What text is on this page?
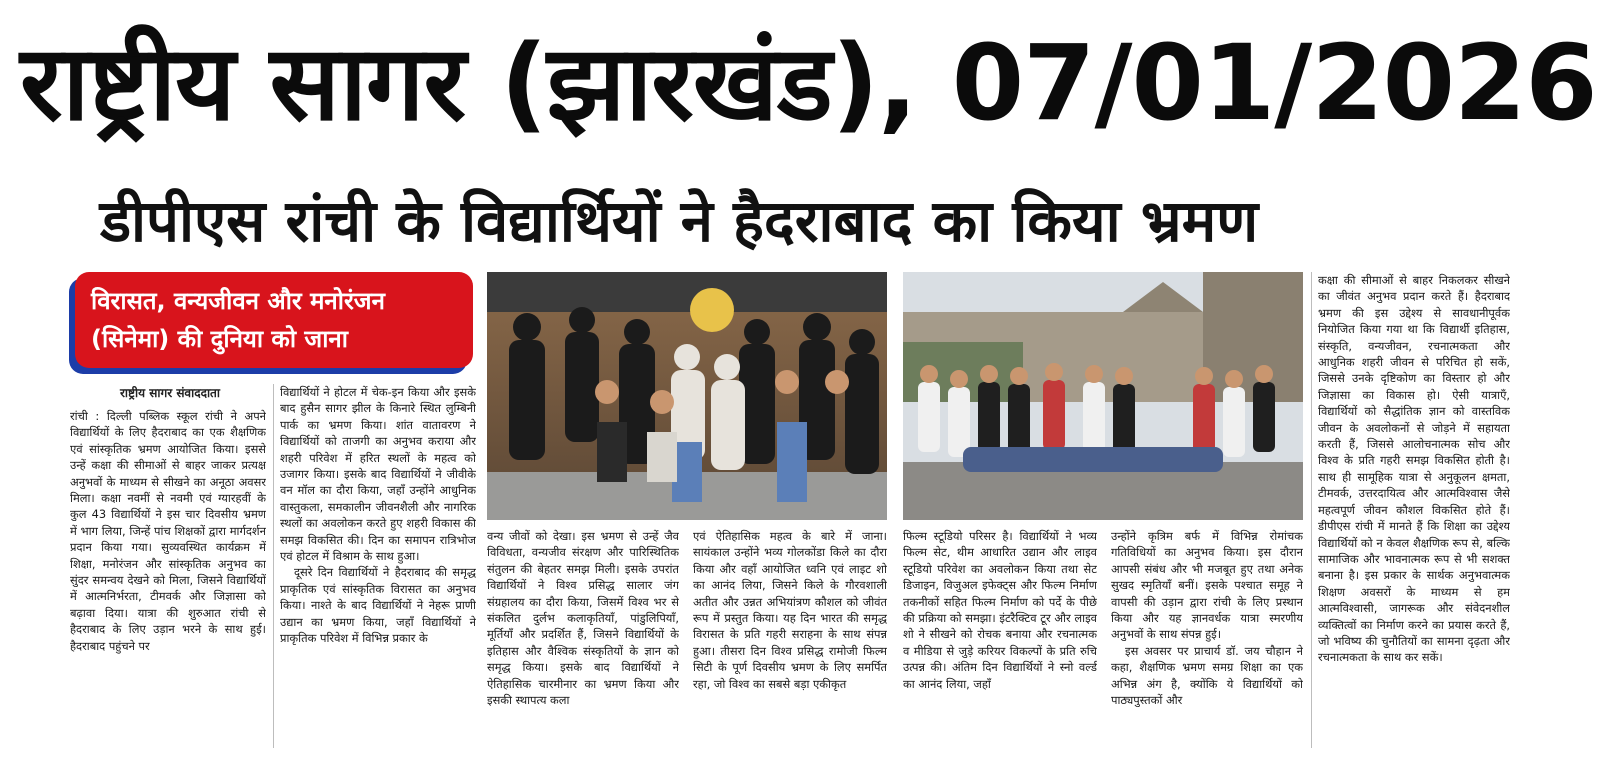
राष्ट्रीय सागर (झारखंड), 07/01/2026
डीपीएस रांची के विद्यार्थियों ने हैदराबाद का किया भ्रमण
विरासत, वन्यजीवन और मनोरंजन
(सिनेमा) की दुनिया को जाना
राष्ट्रीय सागर संवाददाता

रांची : दिल्ली पब्लिक स्कूल रांची ने अपने विद्यार्थियों के लिए हैदराबाद का एक शैक्षणिक एवं सांस्कृतिक भ्रमण आयोजित किया। इससे उन्हें कक्षा की सीमाओं से बाहर जाकर प्रत्यक्ष अनुभवों के माध्यम से सीखने का अनूठा अवसर मिला। कक्षा नवमीं से नवमी एवं ग्यारहवीं के कुल 43 विद्यार्थियों ने इस चार दिवसीय भ्रमण में भाग लिया, जिन्हें पांच शिक्षकों द्वारा मार्गदर्शन प्रदान किया गया। सुव्यवस्थित कार्यक्रम में शिक्षा, मनोरंजन और सांस्कृतिक अनुभव का सुंदर समन्वय देखने को मिला, जिसने विद्यार्थियों में आत्मनिर्भरता, टीमवर्क और जिज्ञासा को बढ़ावा दिया। यात्रा की शुरुआत रांची से हैदराबाद के लिए उड़ान भरने के साथ हुई। हैदराबाद पहुंचने पर

विद्यार्थियों ने होटल में चेक-इन किया और इसके बाद हुसैन सागर झील के किनारे स्थित लुम्बिनी पार्क का भ्रमण किया। शांत वातावरण ने विद्यार्थियों को ताजगी का अनुभव कराया और शहरी परिवेश में हरित स्थलों के महत्व को उजागर किया। इसके बाद विद्यार्थियों ने जीवीके वन मॉल का दौरा किया, जहाँ उन्होंने आधुनिक वास्तुकला, समकालीन जीवनशैली और नागरिक स्थलों का अवलोकन करते हुए शहरी विकास की समझ विकसित की। दिन का समापन रात्रिभोज एवं होटल में विश्राम के साथ हुआ।

दूसरे दिन विद्यार्थियों ने हैदराबाद की समृद्ध प्राकृतिक एवं सांस्कृतिक विरासत का अनुभव किया। नाश्ते के बाद विद्यार्थियों ने नेहरू प्राणी उद्यान का भ्रमण किया, जहाँ विद्यार्थियों ने प्राकृतिक परिवेश में विभिन्न प्रकार के

वन्य जीवों को देखा। इस भ्रमण से उन्हें जैव विविधता, वन्यजीव संरक्षण और पारिस्थितिक संतुलन की बेहतर समझ मिली। इसके उपरांत विद्यार्थियों ने विश्व प्रसिद्ध सालार जंग संग्रहालय का दौरा किया, जिसमें विश्व भर से संकलित दुर्लभ कलाकृतियाँ, पांडुलिपियाँ, मूर्तियाँ और प्रदर्शित हैं, जिसने विद्यार्थियों के इतिहास और वैश्विक संस्कृतियों के ज्ञान को समृद्ध किया। इसके बाद विद्यार्थियों ने ऐतिहासिक चारमीनार का भ्रमण किया और इसकी स्थापत्य कला

एवं ऐतिहासिक महत्व के बारे में जाना। सायंकाल उन्होंने भव्य गोलकोंडा किले का दौरा किया और वहाँ आयोजित ध्वनि एवं लाइट शो का आनंद लिया, जिसने किले के गौरवशाली अतीत और उन्नत अभियांत्रण कौशल को जीवंत रूप में प्रस्तुत किया। यह दिन भारत की समृद्ध विरासत के प्रति गहरी सराहना के साथ संपन्न हुआ। तीसरा दिन विश्व प्रसिद्ध रामोजी फिल्म सिटी के पूर्ण दिवसीय भ्रमण के लिए समर्पित रहा, जो विश्व का सबसे बड़ा एकीकृत

फिल्म स्टूडियो परिसर है। विद्यार्थियों ने भव्य फिल्म सेट, थीम आधारित उद्यान और लाइव स्टूडियो परिवेश का अवलोकन किया तथा सेट डिजाइन, विजुअल इफेक्ट्स और फिल्म निर्माण तकनीकों सहित फिल्म निर्माण को पर्दे के पीछे की प्रक्रिया को समझा। इंटरैक्टिव टूर और लाइव शो ने सीखने को रोचक बनाया और रचनात्मक व मीडिया से जुड़े करियर विकल्पों के प्रति रुचि उत्पन्न की। अंतिम दिन विद्यार्थियों ने स्नो वर्ल्ड का आनंद लिया, जहाँ

उन्होंने कृत्रिम बर्फ में विभिन्न रोमांचक गतिविधियों का अनुभव किया। इस दौरान आपसी संबंध और भी मजबूत हुए तथा अनेक सुखद स्मृतियाँ बनीं। इसके पश्चात समूह ने वापसी की उड़ान द्वारा रांची के लिए प्रस्थान किया और यह ज्ञानवर्धक यात्रा स्मरणीय अनुभवों के साथ संपन्न हुई।

इस अवसर पर प्राचार्य डॉ. जय चौहान ने कहा, शैक्षणिक भ्रमण समग्र शिक्षा का एक अभिन्न अंग है, क्योंकि ये विद्यार्थियों को पाठ्यपुस्तकों और

कक्षा की सीमाओं से बाहर निकलकर सीखने का जीवंत अनुभव प्रदान करते हैं। हैदराबाद भ्रमण की इस उद्देश्य से सावधानीपूर्वक नियोजित किया गया था कि विद्यार्थी इतिहास, संस्कृति, वन्यजीवन, रचनात्मकता और आधुनिक शहरी जीवन से परिचित हो सकें, जिससे उनके दृष्टिकोण का विस्तार हो और जिज्ञासा का विकास हो। ऐसी यात्राएँ, विद्यार्थियों को सैद्धांतिक ज्ञान को वास्तविक जीवन के अवलोकनों से जोड़ने में सहायता करती हैं, जिससे आलोचनात्मक सोच और विश्व के प्रति गहरी समझ विकसित होती है। साथ ही सामूहिक यात्रा से अनुकूलन क्षमता, टीमवर्क, उत्तरदायित्व और आत्मविश्वास जैसे महत्वपूर्ण जीवन कौशल विकसित होते हैं। डीपीएस रांची में मानते हैं कि शिक्षा का उद्देश्य विद्यार्थियों को न केवल शैक्षणिक रूप से, बल्कि सामाजिक और भावनात्मक रूप से भी सशक्त बनाना है। इस प्रकार के सार्थक अनुभवात्मक शिक्षण अवसरों के माध्यम से हम आत्मविश्वासी, जागरूक और संवेदनशील व्यक्तित्वों का निर्माण करने का प्रयास करते हैं, जो भविष्य की चुनौतियों का सामना दृढ़ता और रचनात्मकता के साथ कर सकें।
